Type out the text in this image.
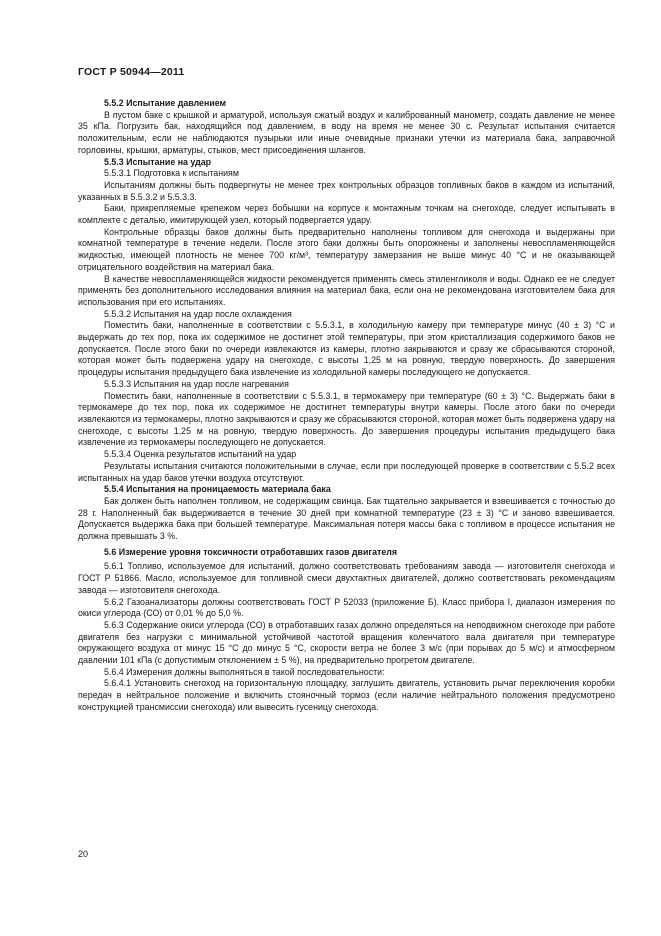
ГОСТ Р 50944—2011

5.5.2 Испытание давлением

В пустом баке с крышкой и арматурой, используя сжатый воздух и калиброванный манометр, создать давление не менее 35 кПа. Погрузить бак, находящийся под давлением, в воду на время не менее 30 с. Результат испытания считается положительным, если не наблюдаются пузырьки или иные очевидные признаки утечки из материала бака, заправочной горловины, крышки, арматуры, стыков, мест присоединения шлангов.

5.5.3 Испытание на удар

5.5.3.1 Подготовка к испытаниям

Испытаниям должны быть подвергнуты не менее трех контрольных образцов топливных баков в каждом из испытаний, указанных в 5.5.3.2 и 5.5.3.3.

Баки, прикрепляемые крепежом через бобышки на корпусе к монтажным точкам на снегоходе, следует испытывать в комплекте с деталью, имитирующей узел, который подвергается удару.

Контрольные образцы баков должны быть предварительно наполнены топливом для снегохода и выдержаны при комнатной температуре в течение недели. После этого баки должны быть опорожнены и заполнены невоспламеняющейся жидкостью, имеющей плотность не менее 700 кг/м³, температуру замерзания не выше минус 40 °С и не оказывающей отрицательного воздействия на материал бака.

В качестве невоспламеняющейся жидкости рекомендуется применять смесь этиленгликоля и воды. Однако ее не следует применять без дополнительного исследования влияния на материал бака, если она не рекомендована изготовителем бака для использования при его испытаниях.

5.5.3.2 Испытания на удар после охлаждения

Поместить баки, наполненные в соответствии с 5.5.3.1, в холодильную камеру при температуре минус (40 ± 3) °С и выдержать до тех пор, пока их содержимое не достигнет этой температуры, при этом кристаллизация содержимого баков не допускается. После этого баки по очереди извлекаются из камеры, плотно закрываются и сразу же сбрасываются стороной, которая может быть подвержена удару на снегоходе, с высоты 1,25 м на ровную, твердую поверхность. До завершения процедуры испытания предыдущего бака извлечение из холодильной камеры последующего не допускается.

5.5.3.3 Испытания на удар после нагревания

Поместить баки, наполненные в соответствии с 5.5.3.1, в термокамеру при температуре (60 ± 3) °С. Выдержать баки в термокамере до тех пор, пока их содержимое не достигнет температуры внутри камеры. После этого баки по очереди извлекаются из термокамеры, плотно закрываются и сразу же сбрасываются стороной, которая может быть подвержена удару на снегоходе, с высоты 1,25 м на ровную, твердую поверхность. До завершения процедуры испытания предыдущего бака извлечение из термокамеры последующего не допускается.

5.5.3.4 Оценка результатов испытаний на удар

Результаты испытания считаются положительными в случае, если при последующей проверке в соответствии с 5.5.2 всех испытанных на удар баков утечки воздуха отсутствуют.

5.5.4 Испытания на проницаемость материала бака

Бак должен быть наполнен топливом, не содержащим свинца. Бак тщательно закрывается и взвешивается с точностью до 28 г. Наполненный бак выдерживается в течение 30 дней при комнатной температуре (23 ± 3) °С и заново взвешивается. Допускается выдержка бака при большей температуре. Максимальная потеря массы бака с топливом в процессе испытания не должна превышать 3 %.

5.6 Измерение уровня токсичности отработавших газов двигателя

5.6.1 Топливо, используемое для испытаний, должно соответствовать требованиям завода — изготовителя снегохода и ГОСТ Р 51866. Масло, используемое для топливной смеси двухтактных двигателей, должно соответствовать рекомендациям завода — изготовителя снегохода.

5.6.2 Газоанализаторы должны соответствовать ГОСТ Р 52033 (приложение Б). Класс прибора I, диапазон измерения по окиси углерода (СО) от 0,01 % до 5,0 %.

5.6.3 Содержание окиси углерода (СО) в отработавших газах должно определяться на неподвижном снегоходе при работе двигателя без нагрузки с минимальной устойчивой частотой вращения коленчатого вала двигателя при температуре окружающего воздуха от минус 15 °С до минус 5 °С, скорости ветра не более 3 м/с (при порывах до 5 м/с) и атмосферном давлении 101 кПа (с допустимым отклонением ± 5 %), на предварительно прогретом двигателе.

5.6.4 Измерения должны выполняться в такой последовательности:

5.6.4.1 Установить снегоход на горизонтальную площадку, заглушить двигатель, установить рычаг переключения коробки передач в нейтральное положение и включить стояночный тормоз (если наличие нейтрального положения предусмотрено конструкцией трансмиссии снегохода) или вывесить гусеницу снегохода.

20
